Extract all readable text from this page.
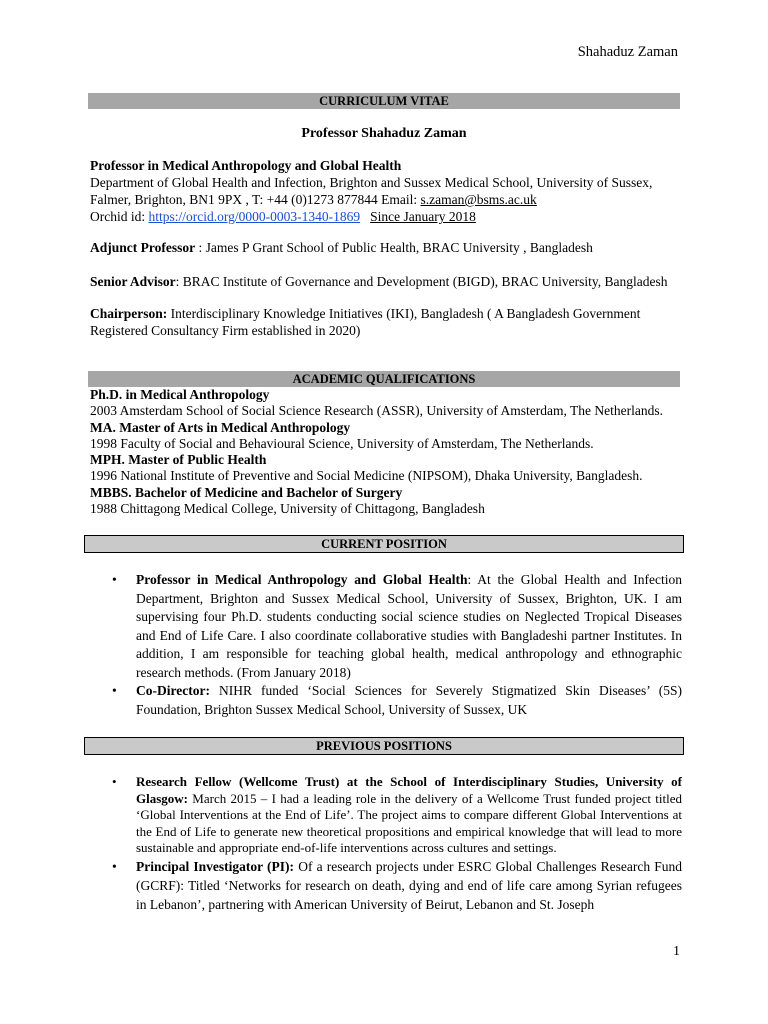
Shahaduz Zaman
CURRICULUM VITAE
Professor Shahaduz Zaman
Professor in Medical Anthropology and Global Health
Department of Global Health and Infection, Brighton and Sussex Medical School, University of Sussex,
Falmer, Brighton, BN1 9PX , T: +44 (0)1273 877844 Email: s.zaman@bsms.ac.uk
Orchid id: https://orcid.org/0000-0003-1340-1869 Since January 2018
Adjunct Professor : James P Grant School of Public Health, BRAC University , Bangladesh
Senior Advisor: BRAC Institute of Governance and Development (BIGD), BRAC University, Bangladesh
Chairperson: Interdisciplinary Knowledge Initiatives (IKI), Bangladesh ( A Bangladesh Government
Registered Consultancy Firm established in 2020)
ACADEMIC QUALIFICATIONS
Ph.D. in Medical Anthropology
2003 Amsterdam School of Social Science Research (ASSR), University of Amsterdam, The Netherlands.
MA. Master of Arts in Medical Anthropology
1998 Faculty of Social and Behavioural Science, University of Amsterdam, The Netherlands.
MPH. Master of Public Health
1996 National Institute of Preventive and Social Medicine (NIPSOM), Dhaka University, Bangladesh.
MBBS. Bachelor of Medicine and Bachelor of Surgery
1988 Chittagong Medical College, University of Chittagong, Bangladesh
CURRENT POSITION

• Professor in Medical Anthropology and Global Health: At the Global Health and Infection Department, Brighton and Sussex Medical School, University of Sussex, Brighton, UK. I am supervising four Ph.D. students conducting social science studies on Neglected Tropical Diseases and End of Life Care. I also coordinate collaborative studies with Bangladeshi partner Institutes. In addition, I am responsible for teaching global health, medical anthropology and ethnographic research methods. (From January 2018)

• Co-Director: NIHR funded ‘Social Sciences for Severely Stigmatized Skin Diseases’ (5S) Foundation, Brighton Sussex Medical School, University of Sussex, UK

PREVIOUS POSITIONS

• Research Fellow (Wellcome Trust) at the School of Interdisciplinary Studies, University of Glasgow: March 2015 – I had a leading role in the delivery of a Wellcome Trust funded project titled ‘Global Interventions at the End of Life’. The project aims to compare different Global Interventions at the End of Life to generate new theoretical propositions and empirical knowledge that will lead to more sustainable and appropriate end-of-life interventions across cultures and settings.

• Principal Investigator (PI): Of a research projects under ESRC Global Challenges Research Fund (GCRF): Titled ‘Networks for research on death, dying and end of life care among Syrian refugees in Lebanon’, partnering with American University of Beirut, Lebanon and St. Joseph

1
